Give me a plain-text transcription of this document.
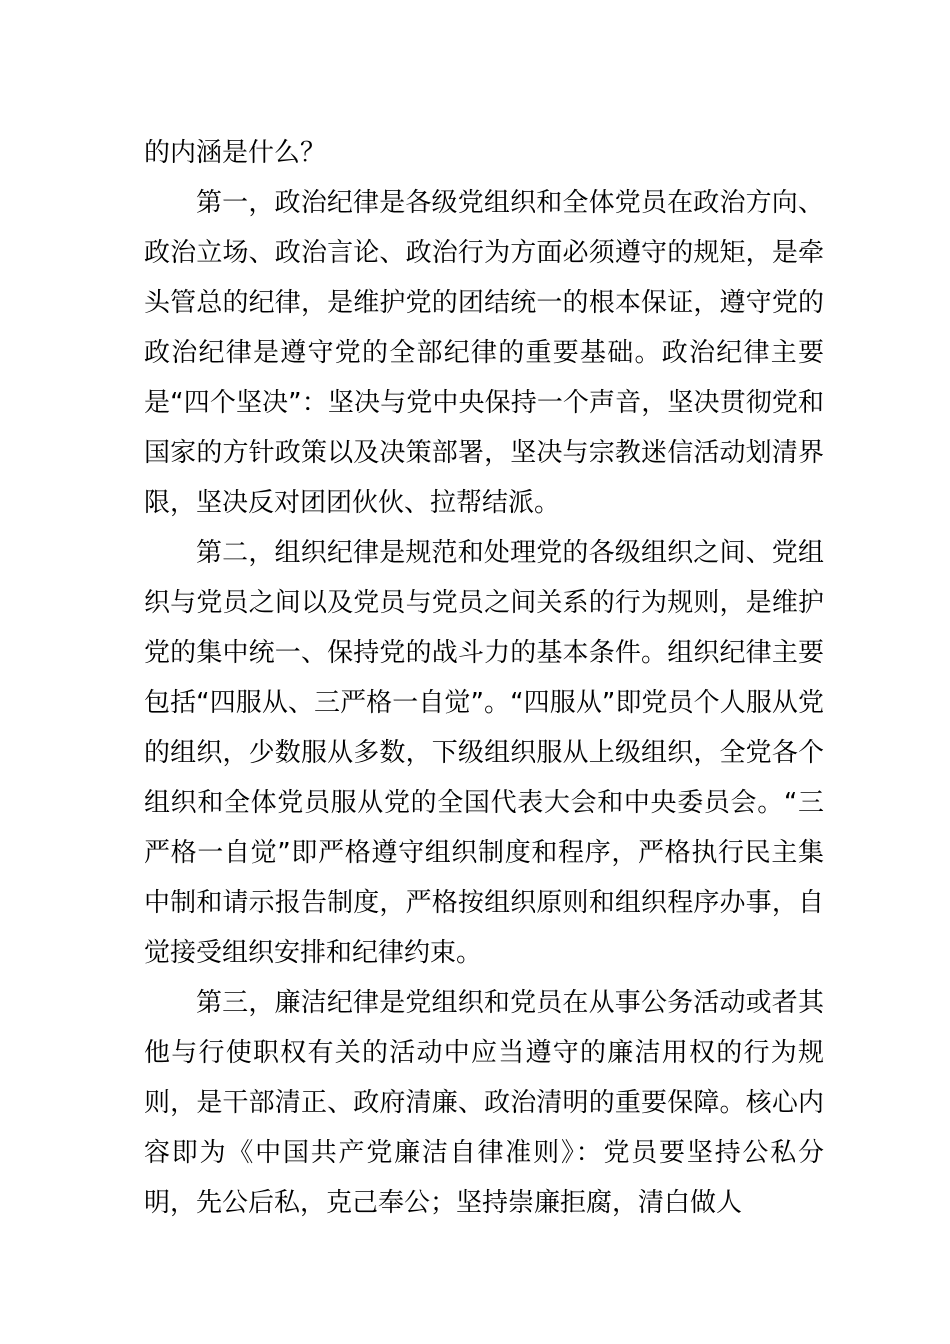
的内涵是什么？

第一，政治纪律是各级党组织和全体党员在政治方向、政治立场、政治言论、政治行为方面必须遵守的规矩，是牵头管总的纪律，是维护党的团结统一的根本保证，遵守党的政治纪律是遵守党的全部纪律的重要基础。政治纪律主要是“四个坚决”：坚决与党中央保持一个声音，坚决贯彻党和国家的方针政策以及决策部署，坚决与宗教迷信活动划清界限，坚决反对团团伙伙、拉帮结派。

第二，组织纪律是规范和处理党的各级组织之间、党组织与党员之间以及党员与党员之间关系的行为规则，是维护党的集中统一、保持党的战斗力的基本条件。组织纪律主要包括“四服从、三严格一自觉”。“四服从”即党员个人服从党的组织，少数服从多数，下级组织服从上级组织，全党各个组织和全体党员服从党的全国代表大会和中央委员会。“三严格一自觉”即严格遵守组织制度和程序，严格执行民主集中制和请示报告制度，严格按组织原则和组织程序办事，自觉接受组织安排和纪律约束。

第三，廉洁纪律是党组织和党员在从事公务活动或者其他与行使职权有关的活动中应当遵守的廉洁用权的行为规则，是干部清正、政府清廉、政治清明的重要保障。核心内容即为《中国共产党廉洁自律准则》：党员要坚持公私分明，先公后私，克己奉公；坚持崇廉拒腐，清白做人
